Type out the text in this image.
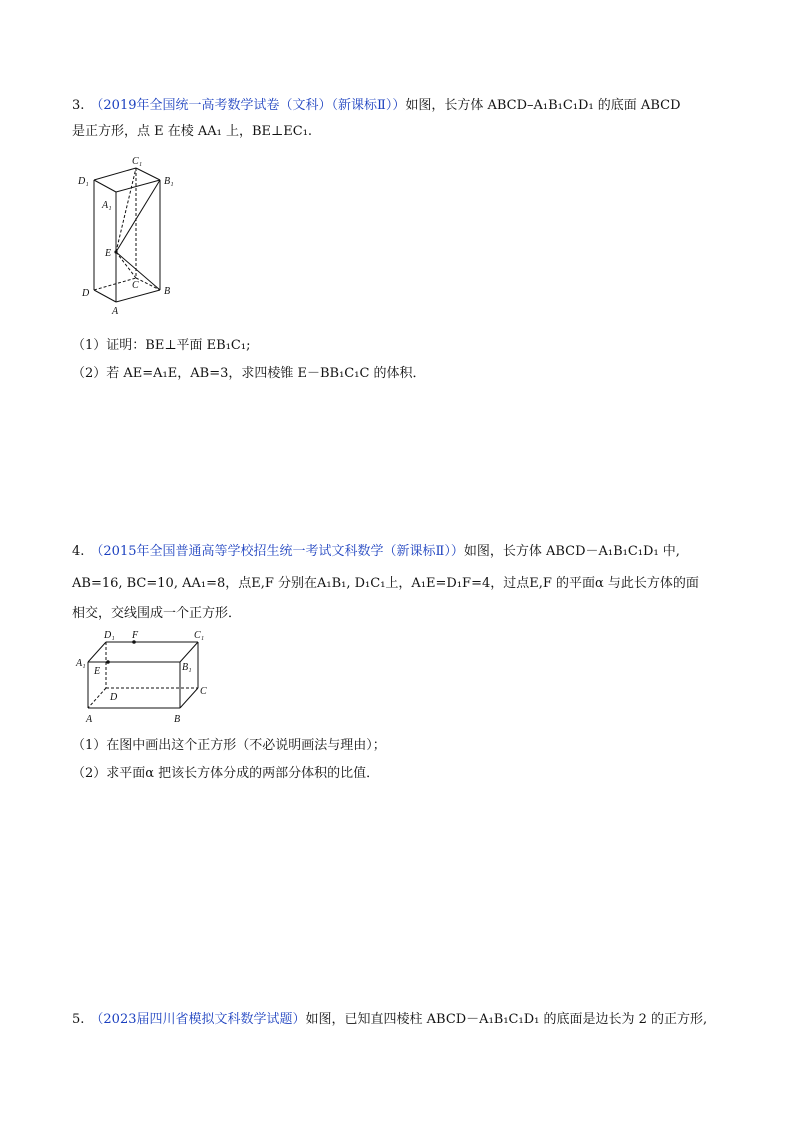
3. （2019年全国统一高考数学试卷（文科）（新课标Ⅱ））如图，长方体 ABCD–A₁B₁C₁D₁ 的底面 ABCD
是正方形，点 E 在棱 AA₁ 上，BE⊥EC₁.
C₁
D₁	B₁
A₁
E
D
C
B
A
（1）证明：BE⊥平面 EB₁C₁;
（2）若 AE=A₁E，AB=3，求四棱锥 E－BB₁C₁C 的体积．
4. （2015年全国普通高等学校招生统一考试文科数学（新课标Ⅱ））如图，长方体 ABCD－A₁B₁C₁D₁ 中,
AB=16, BC=10, AA₁=8，点E,F 分别在A₁B₁, D₁C₁上，A₁E=D₁F=4，过点E,F 的平面α 与此长方体的面
相交，交线围成一个正方形．
D₁ F	C₁
A₁	B₁
E
D
C
A	B
（1）在图中画出这个正方形（不必说明画法与理由）；
（2）求平面α 把该长方体分成的两部分体积的比值．
5. （2023届四川省模拟文科数学试题）如图，已知直四棱柱 ABCD－A₁B₁C₁D₁ 的底面是边长为 2 的正方形,
